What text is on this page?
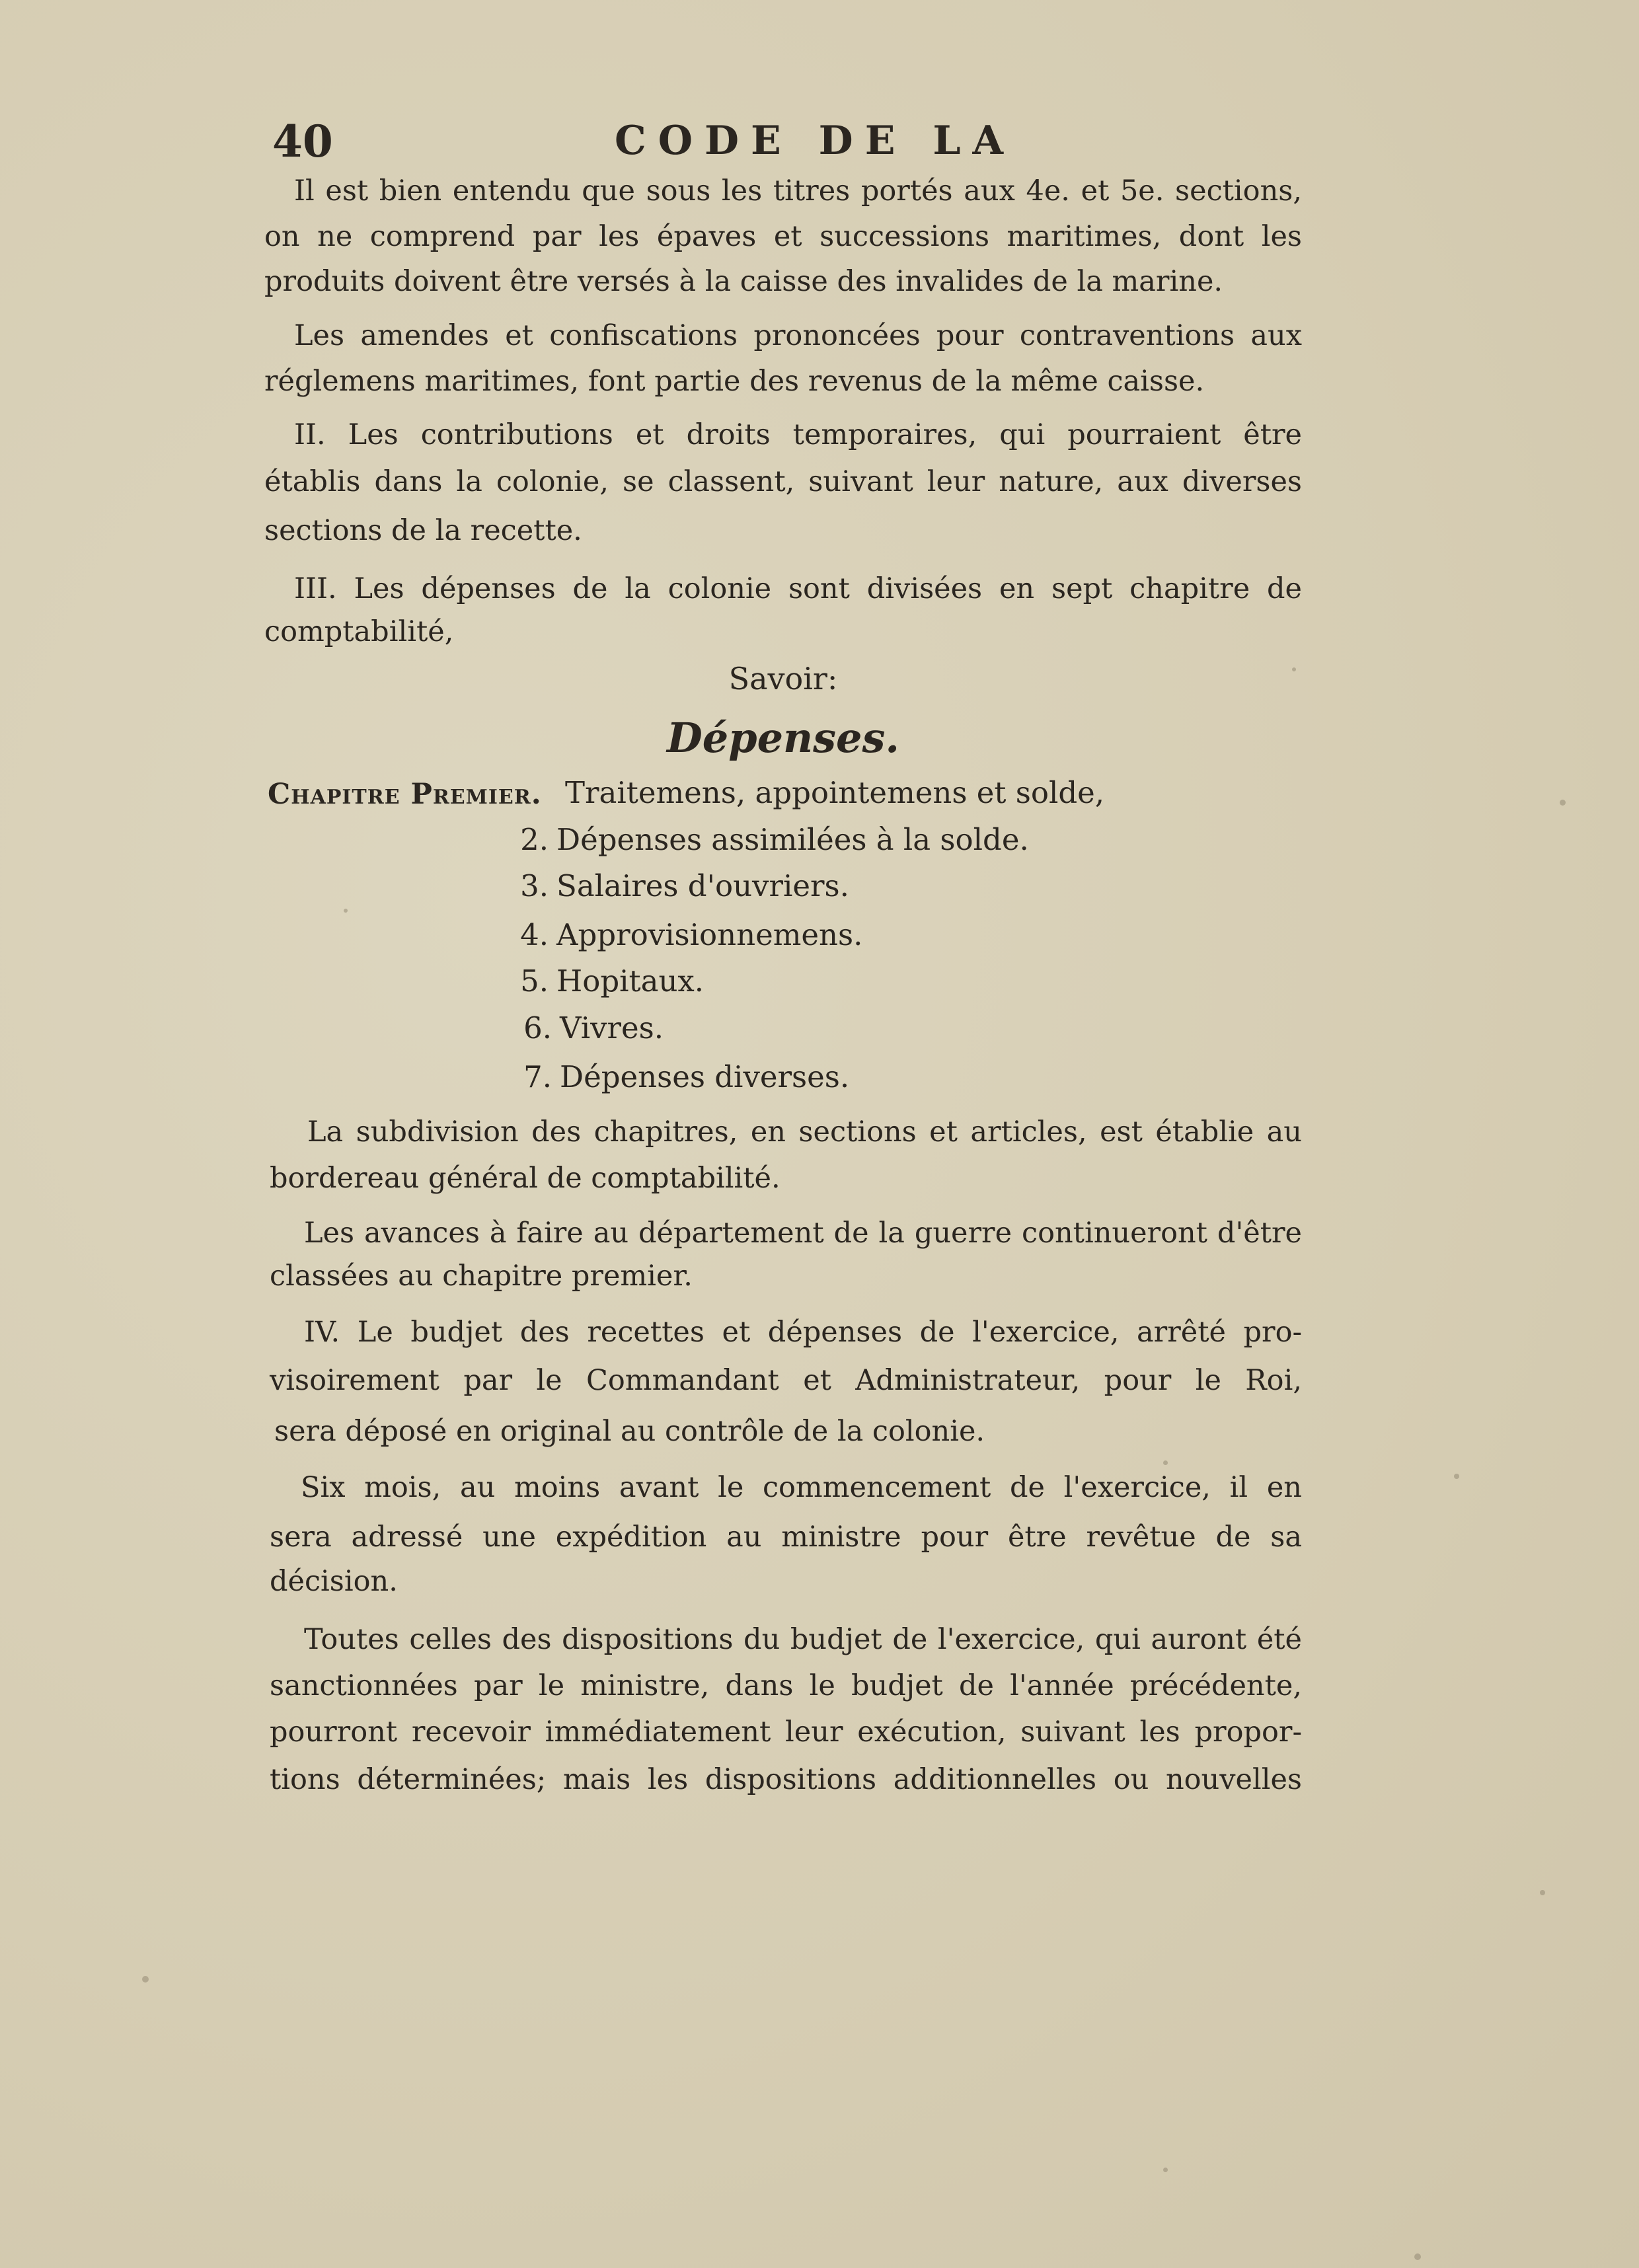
40	CODE DE LA
Il est bien entendu que sous les titres portés aux 4e. et 5e. sections,
on ne comprend par les épaves et successions maritimes, dont les
produits doivent être versés à la caisse des invalides de la marine.
Les amendes et confiscations prononcées pour contraventions aux
réglemens maritimes, font partie des revenus de la même caisse.
II. Les contributions et droits temporaires, qui pourraient être
établis dans la colonie, se classent, suivant leur nature, aux diverses
sections de la recette.
III. Les dépenses de la colonie sont divisées en sept chapitre de
comptabilité,
Savoir:
Dépenses.
Chapitre Premier. Traitemens, appointemens et solde,
2. Dépenses assimilées à la solde.
3. Salaires d'ouvriers.
4. Approvisionnemens.
5. Hopitaux.
6. Vivres.
7. Dépenses diverses.
La subdivision des chapitres, en sections et articles, est établie au
bordereau général de comptabilité.
Les avances à faire au département de la guerre continueront d'être
classées au chapitre premier.
IV. Le budjet des recettes et dépenses de l'exercice, arrêté pro-
visoirement par le Commandant et Administrateur, pour le Roi,
sera déposé en original au contrôle de la colonie.
Six mois, au moins avant le commencement de l'exercice, il en
sera adressé une expédition au ministre pour être revêtue de sa
décision.
Toutes celles des dispositions du budjet de l'exercice, qui auront été
sanctionnées par le ministre, dans le budjet de l'année précédente,
pourront recevoir immédiatement leur exécution, suivant les propor-
tions déterminées; mais les dispositions additionnelles ou nouvelles
